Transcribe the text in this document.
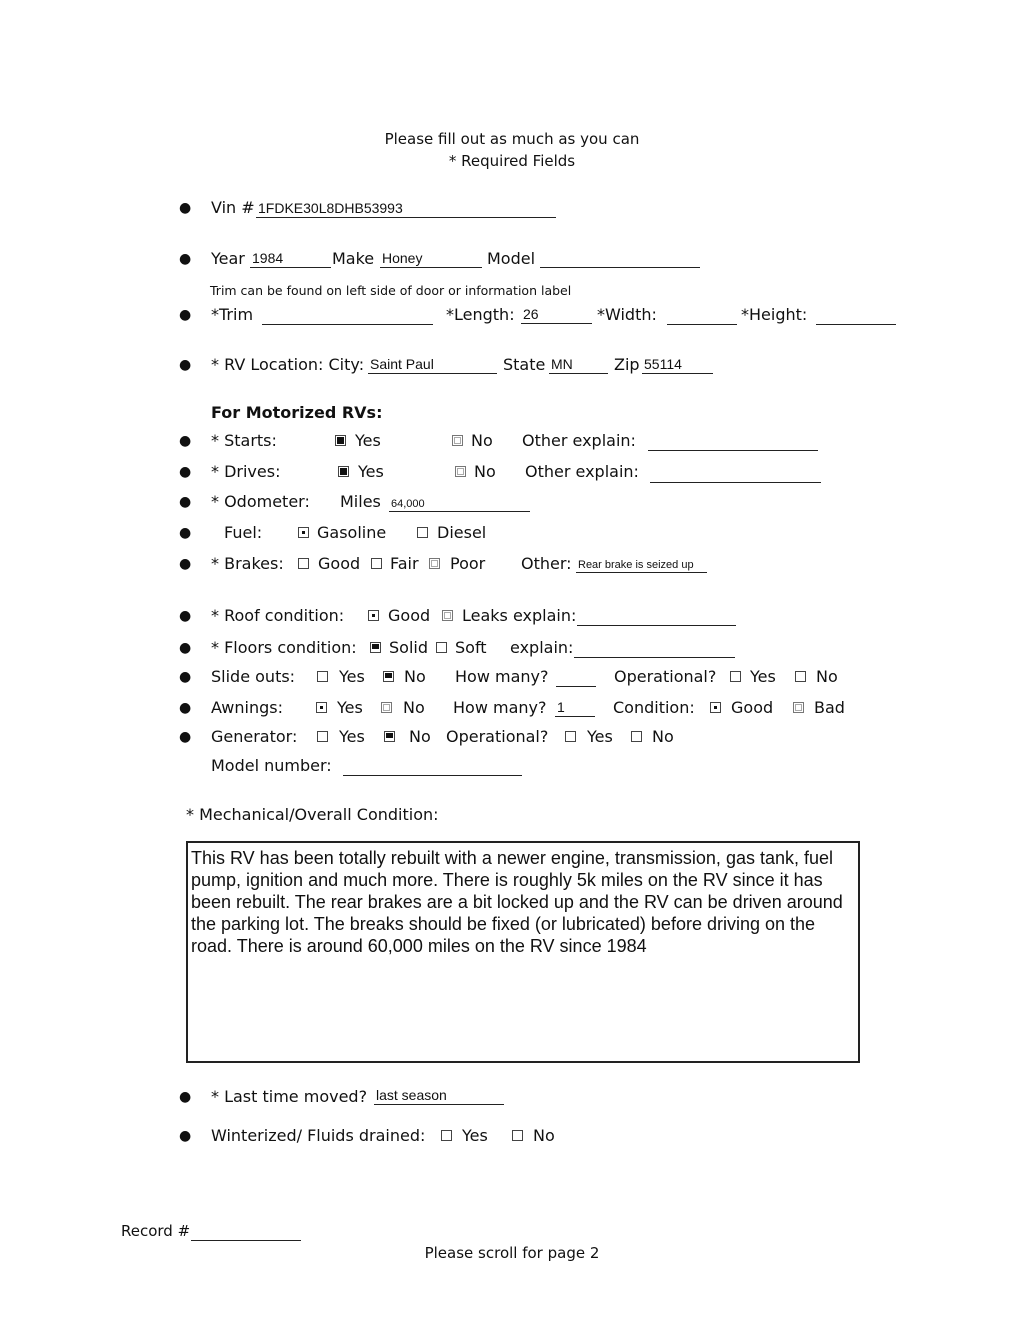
Please fill out as much as you can
* Required Fields
● Vin # 1FDKE30L8DHB53993
● Year 1984	Make Honey	Model
Trim can be found on left side of door or information label
● *Trim	*Length: 26	*Width:	*Height:
● * RV Location: City: Saint Paul	State MN	Zip 55114
For Motorized RVs:
● * Starts:	Yes	No Other explain:
● * Drives:	Yes	No Other explain:
● * Odometer: Miles 64,000
● Fuel:	Gasoline	Diesel
● * Brakes: Good Fair Poor Other: Rear brake is seized up
● * Roof condition:	Good Leaks explain:
● * Floors condition: Solid Soft explain:
● Slide outs:	Yes No How many?	Operational? Yes	No
● Awnings:	Yes	No How many? 1	Condition: Good	Bad
● Generator:	Yes	No Operational? Yes No
Model number:
* Mechanical/Overall Condition:
This RV has been totally rebuilt with a newer engine, transmission, gas tank, fuel pump, ignition and much more. There is roughly 5k miles on the RV since it has been rebuilt. The rear brakes are a bit locked up and the RV can be driven around the parking lot. The breaks should be fixed (or lubricated) before driving on the road. There is around 60,000 miles on the RV since 1984
● * Last time moved? last season
● Winterized/ Fluids drained: Yes	No
Record #
Please scroll for page 2
